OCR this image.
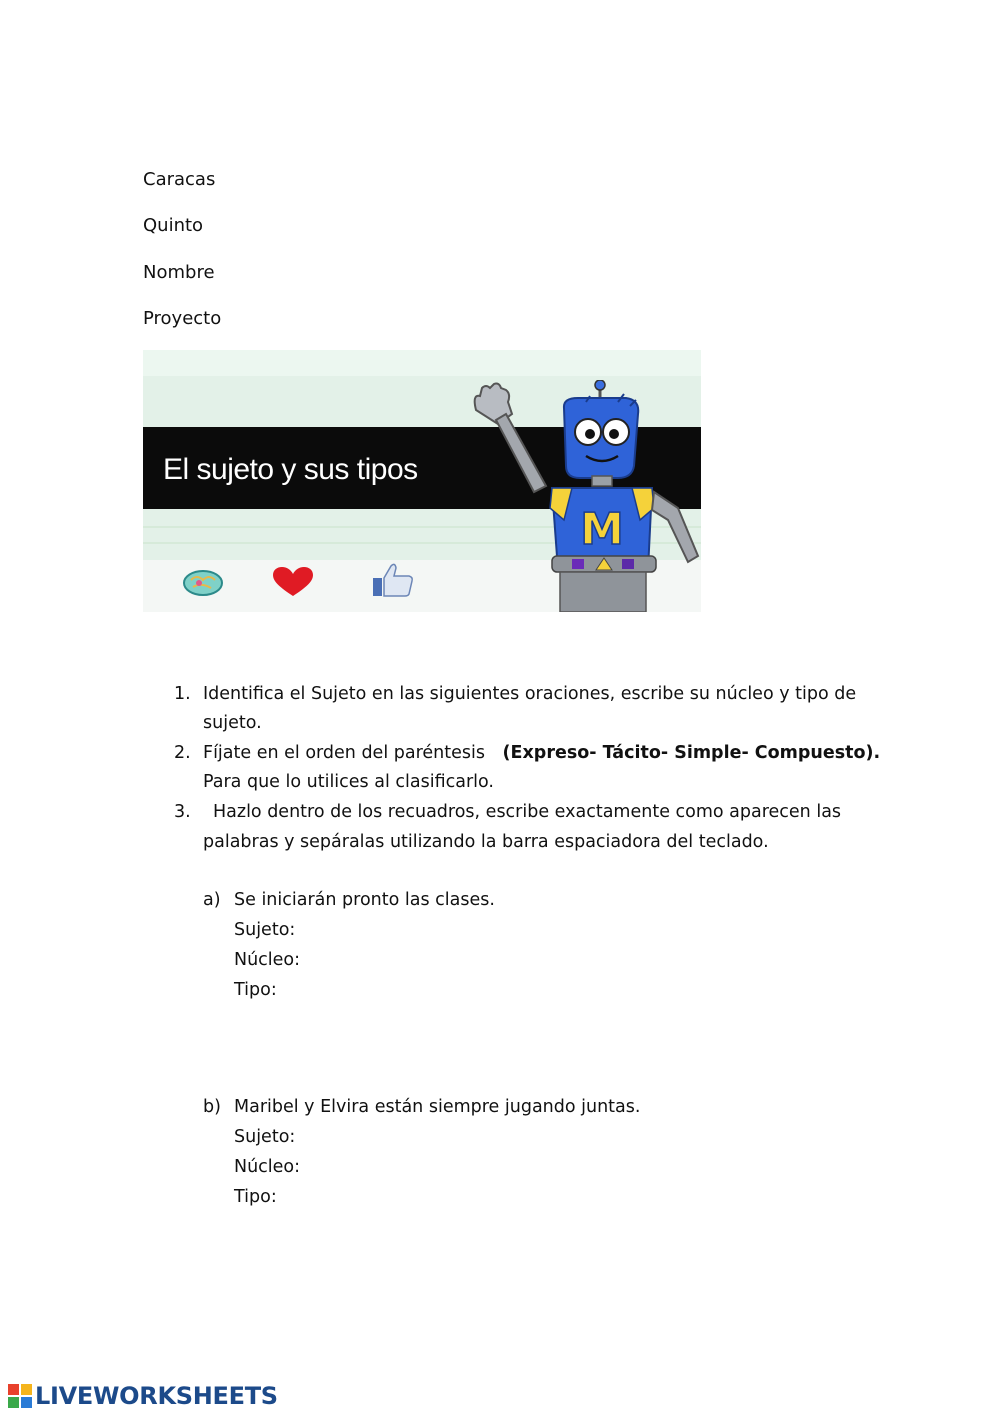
Caracas
Quinto
Nombre
Proyecto
El sujeto y sus tipos
M
1. Identifica el Sujeto en las siguientes oraciones, escribe su núcleo y tipo de
sujeto.
2. Fíjate en el orden del paréntesis (Expreso- Tácito- Simple- Compuesto).
Para que lo utilices al clasificarlo.
3. Hazlo dentro de los recuadros, escribe exactamente como aparecen las
palabras y sepáralas utilizando la barra espaciadora del teclado.
a) Se iniciarán pronto las clases.
Sujeto:
Núcleo:
Tipo:
b) Maribel y Elvira están siempre jugando juntas.
Sujeto:
Núcleo:
Tipo:
LIVEWORKSHEETS
